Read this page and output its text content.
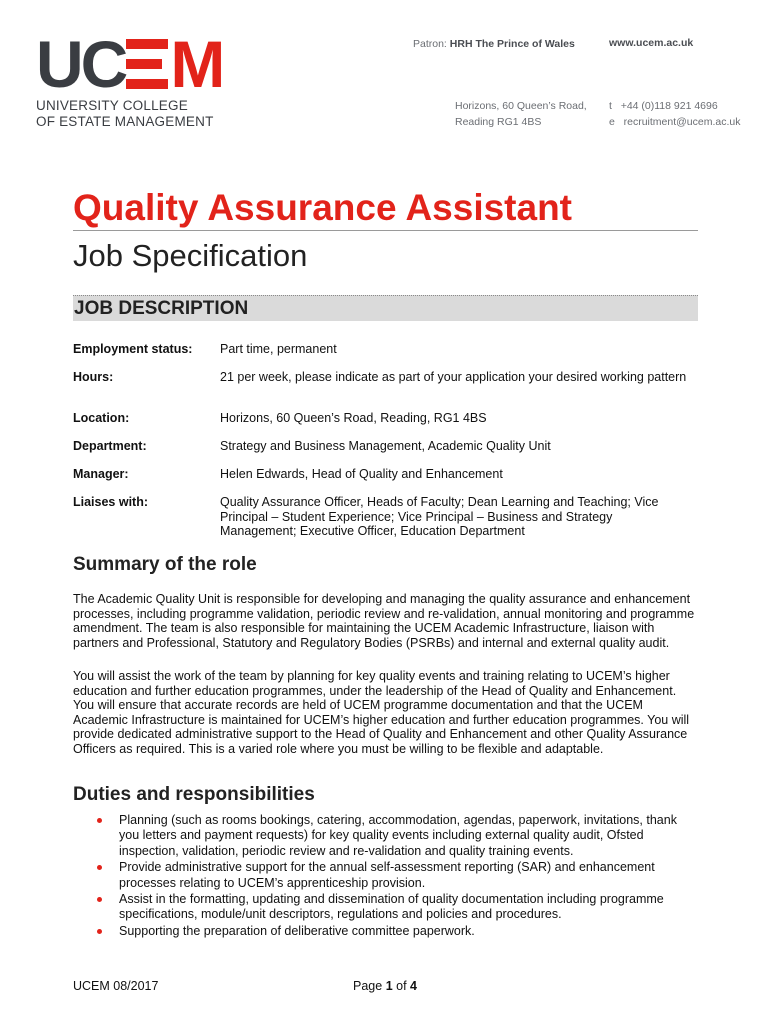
UC M
UNIVERSITY COLLEGE
OF ESTATE MANAGEMENT
Patron: HRH The Prince of Wales	www.ucem.ac.uk
Horizons, 60 Queen’s Road,
Reading RG1 4BS
t +44 (0)118 921 4696
e recruitment@ucem.ac.uk
Quality Assurance Assistant
Job Specification
JOB DESCRIPTION
Employment status: Part time, permanent
Hours:	21 per week, please indicate as part of your application your desired working pattern
Location:	Horizons, 60 Queen’s Road, Reading, RG1 4BS
Department:	Strategy and Business Management, Academic Quality Unit
Manager:	Helen Edwards, Head of Quality and Enhancement
Liaises with:	Quality Assurance Officer, Heads of Faculty; Dean Learning and Teaching; Vice Principal – Student Experience; Vice Principal – Business and Strategy Management; Executive Officer, Education Department
Summary of the role

The Academic Quality Unit is responsible for developing and managing the quality assurance and enhancement processes, including programme validation, periodic review and re-validation, annual monitoring and programme amendment. The team is also responsible for maintaining the UCEM Academic Infrastructure, liaison with partners and Professional, Statutory and Regulatory Bodies (PSRBs) and internal and external quality audit.

You will assist the work of the team by planning for key quality events and training relating to UCEM’s higher education and further education programmes, under the leadership of the Head of Quality and Enhancement. You will ensure that accurate records are held of UCEM programme documentation and that the UCEM Academic Infrastructure is maintained for UCEM’s higher education and further education programmes. You will provide dedicated administrative support to the Head of Quality and Enhancement and other Quality Assurance Officers as required. This is a varied role where you must be willing to be flexible and adaptable.

Duties and responsibilities
Planning (such as rooms bookings, catering, accommodation, agendas, paperwork, invitations, thank you letters and payment requests) for key quality events including external quality audit, Ofsted inspection, validation, periodic review and re-validation and quality training events.
Provide administrative support for the annual self-assessment reporting (SAR) and enhancement processes relating to UCEM’s apprenticeship provision.
Assist in the formatting, updating and dissemination of quality documentation including programme specifications, module/unit descriptors, regulations and policies and procedures.
Supporting the preparation of deliberative committee paperwork.
UCEM 08/2017	Page 1 of 4
